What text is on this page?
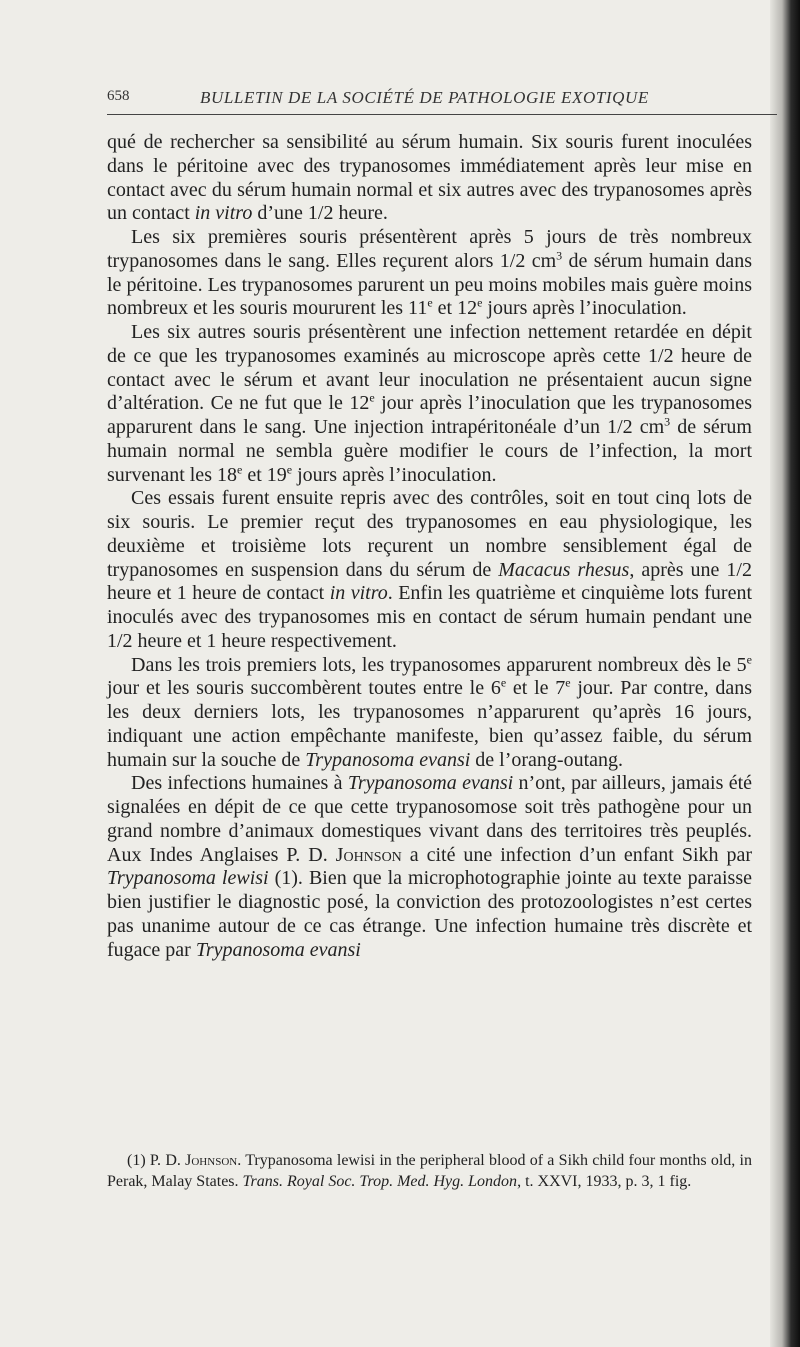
658	BULLETIN DE LA SOCIÉTÉ DE PATHOLOGIE EXOTIQUE

qué de rechercher sa sensibilité au sérum humain. Six souris furent inoculées dans le péritoine avec des trypanosomes immédiatement après leur mise en contact avec du sérum humain normal et six autres avec des trypanosomes après un contact in vitro d’une 1/2 heure.

Les six premières souris présentèrent après 5 jours de très nombreux trypanosomes dans le sang. Elles reçurent alors 1/2 $cm^3$ de sérum humain dans le péritoine. Les trypanosomes parurent un peu moins mobiles mais guère moins nombreux et les souris moururent les 11e et 12e jours après l’inoculation.

Les six autres souris présentèrent une infection nettement retardée en dépit de ce que les trypanosomes examinés au microscope après cette 1/2 heure de contact avec le sérum et avant leur inoculation ne présentaient aucun signe d’altération. Ce ne fut que le 12e jour après l’inoculation que les trypanosomes apparurent dans le sang. Une injection intrapéritonéale d’un 1/2 $cm^3$ de sérum humain normal ne sembla guère modifier le cours de l’infection, la mort survenant les 18e et 19e jours après l’inoculation.

Ces essais furent ensuite repris avec des contrôles, soit en tout cinq lots de six souris. Le premier reçut des trypanosomes en eau physiologique, les deuxième et troisième lots reçurent un nombre sensiblement égal de trypanosomes en suspension dans du sérum de Macacus rhesus, après une 1/2 heure et 1 heure de contact in vitro. Enfin les quatrième et cinquième lots furent inoculés avec des trypanosomes mis en contact de sérum humain pendant une 1/2 heure et 1 heure respectivement.

Dans les trois premiers lots, les trypanosomes apparurent nombreux dès le 5e jour et les souris succombèrent toutes entre le 6e et le 7e jour. Par contre, dans les deux derniers lots, les trypanosomes n’apparurent qu’après 16 jours, indiquant une action empêchante manifeste, bien qu’assez faible, du sérum humain sur la souche de Trypanosoma evansi de l’orang-outang.

Des infections humaines à Trypanosoma evansi n’ont, par ailleurs, jamais été signalées en dépit de ce que cette trypanosomose soit très pathogène pour un grand nombre d’animaux domestiques vivant dans des territoires très peuplés. Aux Indes Anglaises P. D. Johnson a cité une infection d’un enfant Sikh par Trypanosoma lewisi (1). Bien que la microphotographie jointe au texte paraisse bien justifier le diagnostic posé, la conviction des protozoologistes n’est certes pas unanime autour de ce cas étrange. Une infection humaine très discrète et fugace par Trypanosoma evansi

(1) P. D. Johnson. Trypanosoma lewisi in the peripheral blood of a Sikh child four months old, in Perak, Malay States. Trans. Royal Soc. Trop. Med. Hyg. London, t. XXVI, 1933, p. 3, 1 fig.
